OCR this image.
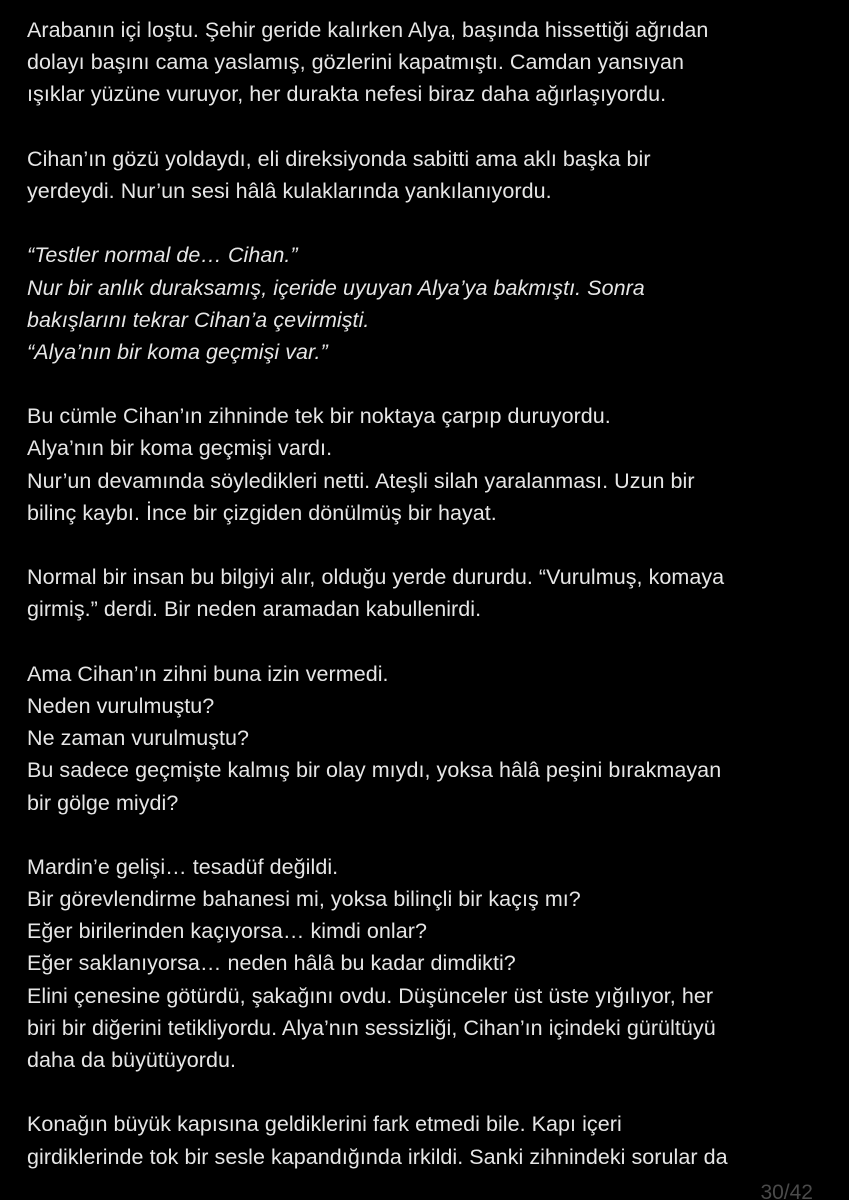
Arabanın içi loştu. Şehir geride kalırken Alya, başında hissettiği ağrıdan
dolayı başını cama yaslamış, gözlerini kapatmıştı. Camdan yansıyan
ışıklar yüzüne vuruyor, her durakta nefesi biraz daha ağırlaşıyordu.
Cihan’ın gözü yoldaydı, eli direksiyonda sabitti ama aklı başka bir
yerdeydi. Nur’un sesi hâlâ kulaklarında yankılanıyordu.
“Testler normal de… Cihan.”
Nur bir anlık duraksamış, içeride uyuyan Alya’ya bakmıştı. Sonra
bakışlarını tekrar Cihan’a çevirmişti.
“Alya’nın bir koma geçmişi var.”
Bu cümle Cihan’ın zihninde tek bir noktaya çarpıp duruyordu.
Alya’nın bir koma geçmişi vardı.
Nur’un devamında söyledikleri netti. Ateşli silah yaralanması. Uzun bir
bilinç kaybı. İnce bir çizgiden dönülmüş bir hayat.
Normal bir insan bu bilgiyi alır, olduğu yerde dururdu. “Vurulmuş, komaya
girmiş.” derdi. Bir neden aramadan kabullenirdi.
Ama Cihan’ın zihni buna izin vermedi.
Neden vurulmuştu?
Ne zaman vurulmuştu?
Bu sadece geçmişte kalmış bir olay mıydı, yoksa hâlâ peşini bırakmayan
bir gölge miydi?
Mardin’e gelişi… tesadüf değildi.
Bir görevlendirme bahanesi mi, yoksa bilinçli bir kaçış mı?
Eğer birilerinden kaçıyorsa… kimdi onlar?
Eğer saklanıyorsa… neden hâlâ bu kadar dimdikti?
Elini çenesine götürdü, şakağını ovdu. Düşünceler üst üste yığılıyor, her
biri bir diğerini tetikliyordu. Alya’nın sessizliği, Cihan’ın içindeki gürültüyü
daha da büyütüyordu.
Konağın büyük kapısına geldiklerini fark etmedi bile. Kapı içeri
girdiklerinde tok bir sesle kapandığında irkildi. Sanki zihnindeki sorular da
30/42
